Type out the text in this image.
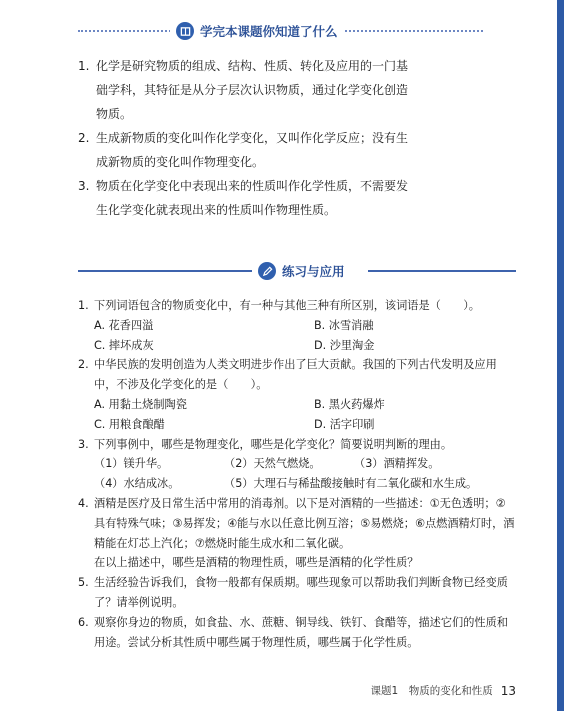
学完本课题你知道了什么
1. 化学是研究物质的组成、结构、性质、转化及应用的一门基础学科，其特征是从分子层次认识物质，通过化学变化创造物质。
2. 生成新物质的变化叫作化学变化，又叫作化学反应；没有生成新物质的变化叫作物理变化。
3. 物质在化学变化中表现出来的性质叫作化学性质，不需要发生化学变化就表现出来的性质叫作物理性质。
练习与应用
1. 下列词语包含的物质变化中，有一种与其他三种有所区别，该词语是（　　）。
A. 花香四溢	B. 冰雪消融
C. 摔坏成灰	D. 沙里淘金
2. 中华民族的发明创造为人类文明进步作出了巨大贡献。我国的下列古代发明及应用中，不涉及化学变化的是（　　）。
A. 用黏土烧制陶瓷	B. 黑火药爆炸
C. 用粮食酿醋	D. 活字印刷
3. 下列事例中，哪些是物理变化，哪些是化学变化？简要说明判断的理由。
（1）镁升华。	（2）天然气燃烧。	（3）酒精挥发。
（4）水结成冰。	（5）大理石与稀盐酸接触时有二氧化碳和水生成。
4. 酒精是医疗及日常生活中常用的消毒剂。以下是对酒精的一些描述：①无色透明；②具有特殊气味；③易挥发；④能与水以任意比例互溶；⑤易燃烧；⑥点燃酒精灯时，酒精能在灯芯上汽化；⑦燃烧时能生成水和二氧化碳。
在以上描述中，哪些是酒精的物理性质，哪些是酒精的化学性质？
5. 生活经验告诉我们，食物一般都有保质期。哪些现象可以帮助我们判断食物已经变质了？请举例说明。
6. 观察你身边的物质，如食盐、水、蔗糖、铜导线、铁钉、食醋等，描述它们的性质和用途。尝试分析其性质中哪些属于物理性质，哪些属于化学性质。
课题1　物质的变化和性质 13
